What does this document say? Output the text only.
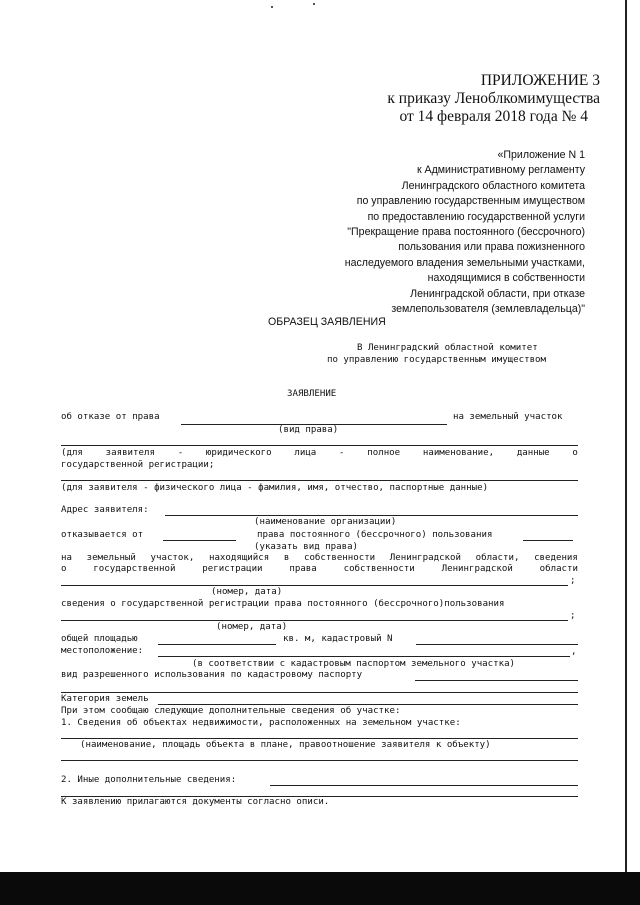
ПРИЛОЖЕНИЕ 3
к приказу Леноблкомимущества
от 14 февраля 2018 года № 4
«Приложение N 1
к Административному регламенту
Ленинградского областного комитета
по управлению государственным имуществом
по предоставлению государственной услуги
"Прекращение права постоянного (бессрочного)
пользования или права пожизненного
наследуемого владения земельными участками,
находящимися в собственности
Ленинградской области, при отказе
землепользователя (землевладельца)"
ОБРАЗЕЦ ЗАЯВЛЕНИЯ
В Ленинградский областной комитет
по управлению государственным имуществом
ЗАЯВЛЕНИЕ
об отказе от права	на земельный участок
(вид права)
(для	заявителя	-	юридического	лица	-	полное	наименование,	данные	о
государственной регистрации;
(для заявителя - физического лица - фамилия, имя, отчество, паспортные данные)
Адрес заявителя:
(наименование организации)
отказывается от	права постоянного (бессрочного) пользования
(указать вид права)
на земельный участок, находящийся в собственности Ленинградской области, сведения
о	государственной	регистрации	права	собственности	Ленинградской	области
;
(номер, дата)
сведения о государственной регистрации права постоянного (бессрочного)пользования
;
(номер, дата)
общей площадью	кв. м, кадастровый N
местоположение:	,
(в соответствии с кадастровым паспортом земельного участка)
вид разрешенного использования по кадастровому паспорту
Категория земель
При этом сообщаю следующие дополнительные сведения об участке:
1. Сведения об объектах недвижимости, расположенных на земельном участке:
(наименование, площадь объекта в плане, правоотношение заявителя к объекту)
2. Иные дополнительные сведения:
К заявлению прилагаются документы согласно описи.
